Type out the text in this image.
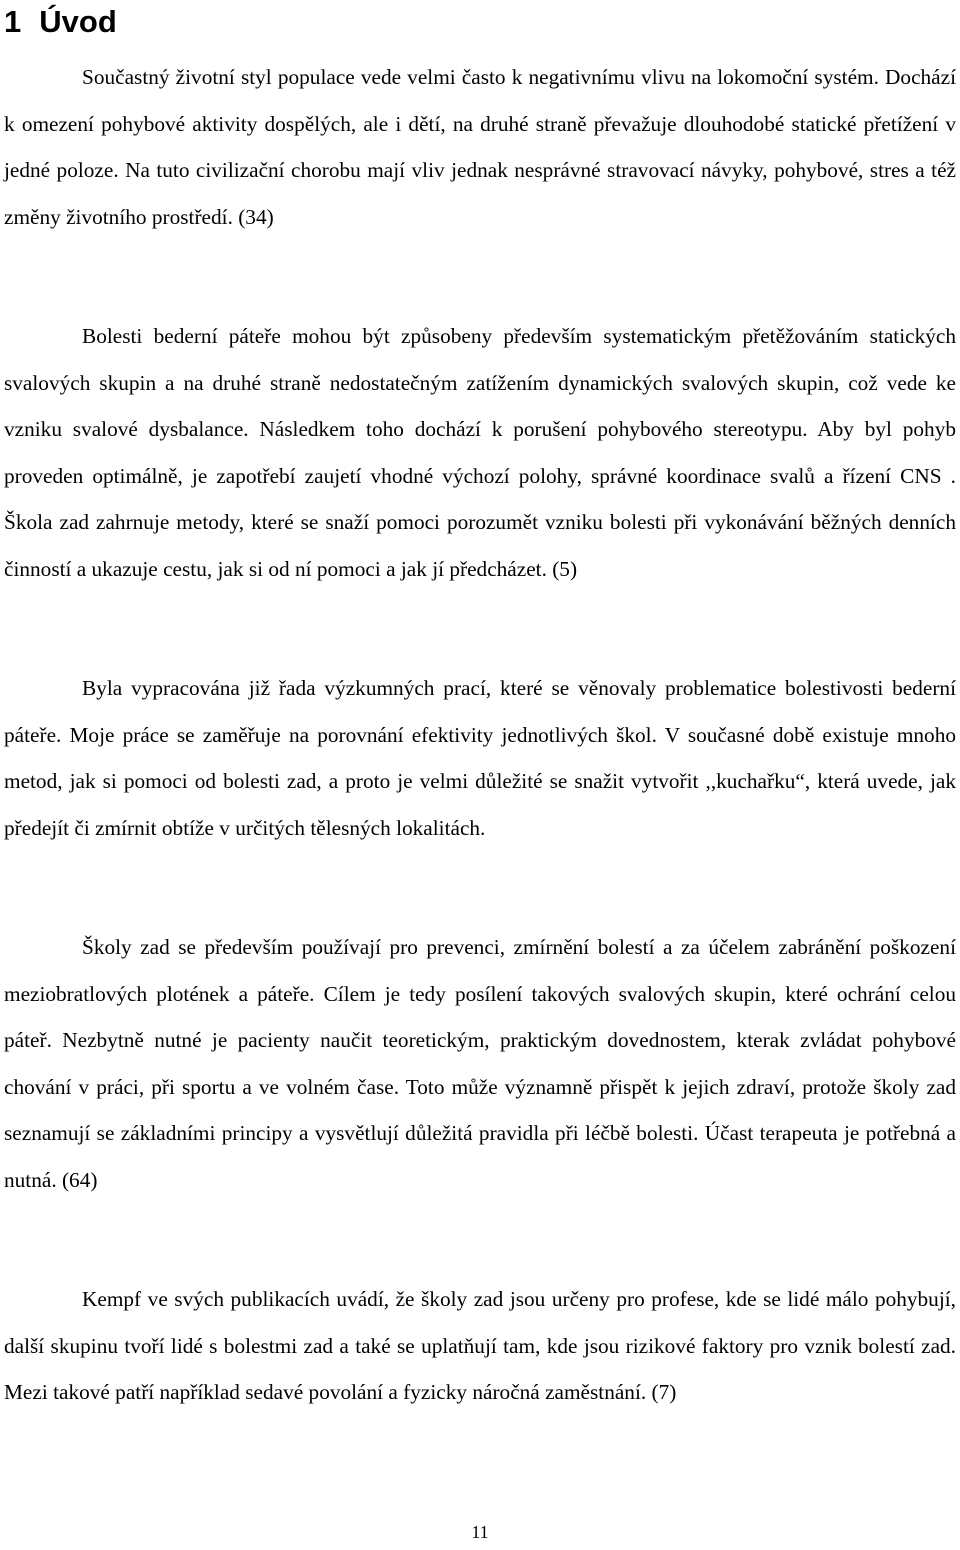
1 Úvod

Součastný životní styl populace vede velmi často k negativnímu vlivu na lokomoční systém. Dochází k omezení pohybové aktivity dospělých, ale i dětí, na druhé straně převažuje dlouhodobé statické přetížení v jedné poloze. Na tuto civilizační chorobu mají vliv jednak nesprávné stravovací návyky, pohybové, stres a též změny životního prostředí. (34)

Bolesti bederní páteře mohou být způsobeny především systematickým přetěžováním statických svalových skupin a na druhé straně nedostatečným zatížením dynamických svalových skupin, což vede ke vzniku svalové dysbalance. Následkem toho dochází k porušení pohybového stereotypu. Aby byl pohyb proveden optimálně, je zapotřebí zaujetí vhodné výchozí polohy, správné koordinace svalů a řízení CNS . Škola zad zahrnuje metody, které se snaží pomoci porozumět vzniku bolesti při vykonávání běžných denních činností a ukazuje cestu, jak si od ní pomoci a jak jí předcházet. (5)

Byla vypracována již řada výzkumných prací, které se věnovaly problematice bolestivosti bederní páteře. Moje práce se zaměřuje na porovnání efektivity jednotlivých škol. V současné době existuje mnoho metod, jak si pomoci od bolesti zad, a proto je velmi důležité se snažit vytvořit ,,kuchařku“, která uvede, jak předejít či zmírnit obtíže v určitých tělesných lokalitách.

Školy zad se především používají pro prevenci, zmírnění bolestí a za účelem zabránění poškození meziobratlových plotének a páteře. Cílem je tedy posílení takových svalových skupin, které ochrání celou páteř. Nezbytně nutné je pacienty naučit teoretickým, praktickým dovednostem, kterak zvládat pohybové chování v práci, při sportu a ve volném čase. Toto může významně přispět k jejich zdraví, protože školy zad seznamují se základními principy a vysvětlují důležitá pravidla při léčbě bolesti. Účast terapeuta je potřebná a nutná. (64)

Kempf ve svých publikacích uvádí, že školy zad jsou určeny pro profese, kde se lidé málo pohybují, další skupinu tvoří lidé s bolestmi zad a také se uplatňují tam, kde jsou rizikové faktory pro vznik bolestí zad. Mezi takové patří například sedavé povolání a fyzicky náročná zaměstnání. (7)

11
